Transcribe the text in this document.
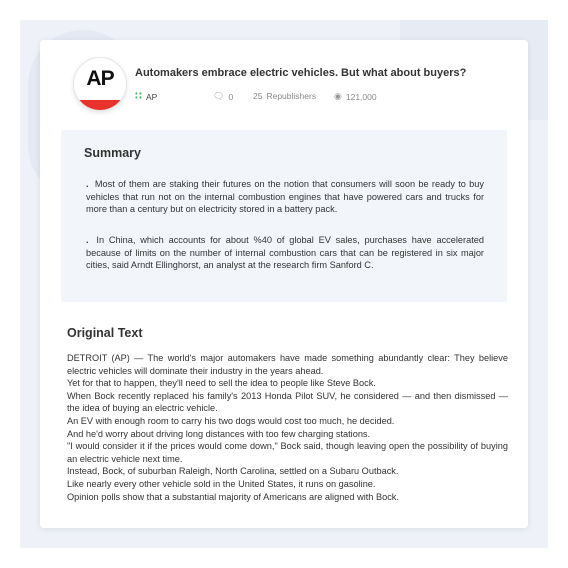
AP	Automakers embrace electric vehicles. But what about buyers?
∷ AP	🗨︎ 0 25 Republishers ◉ 121,000
Summary
. Most of them are staking their futures on the notion that consumers will soon be ready to buy vehicles that run not on the internal combustion engines that have powered cars and trucks for more than a century but on electricity stored in a battery pack.
. In China, which accounts for about %40 of global EV sales, purchases have accelerated because of limits on the number of internal combustion cars that can be registered in six major cities, said Arndt Ellinghorst, an analyst at the research firm Sanford C.
Original Text

DETROIT (AP) — The world's major automakers have made something abundantly clear: They believe electric vehicles will dominate their industry in the years ahead.

Yet for that to happen, they'll need to sell the idea to people like Steve Bock.

When Bock recently replaced his family's 2013 Honda Pilot SUV, he considered — and then dismissed — the idea of buying an electric vehicle.

An EV with enough room to carry his two dogs would cost too much, he decided.

And he'd worry about driving long distances with too few charging stations.

"I would consider it if the prices would come down," Bock said, though leaving open the possibility of buying an electric vehicle next time.

Instead, Bock, of suburban Raleigh, North Carolina, settled on a Subaru Outback.

Like nearly every other vehicle sold in the United States, it runs on gasoline.

Opinion polls show that a substantial majority of Americans are aligned with Bock.
